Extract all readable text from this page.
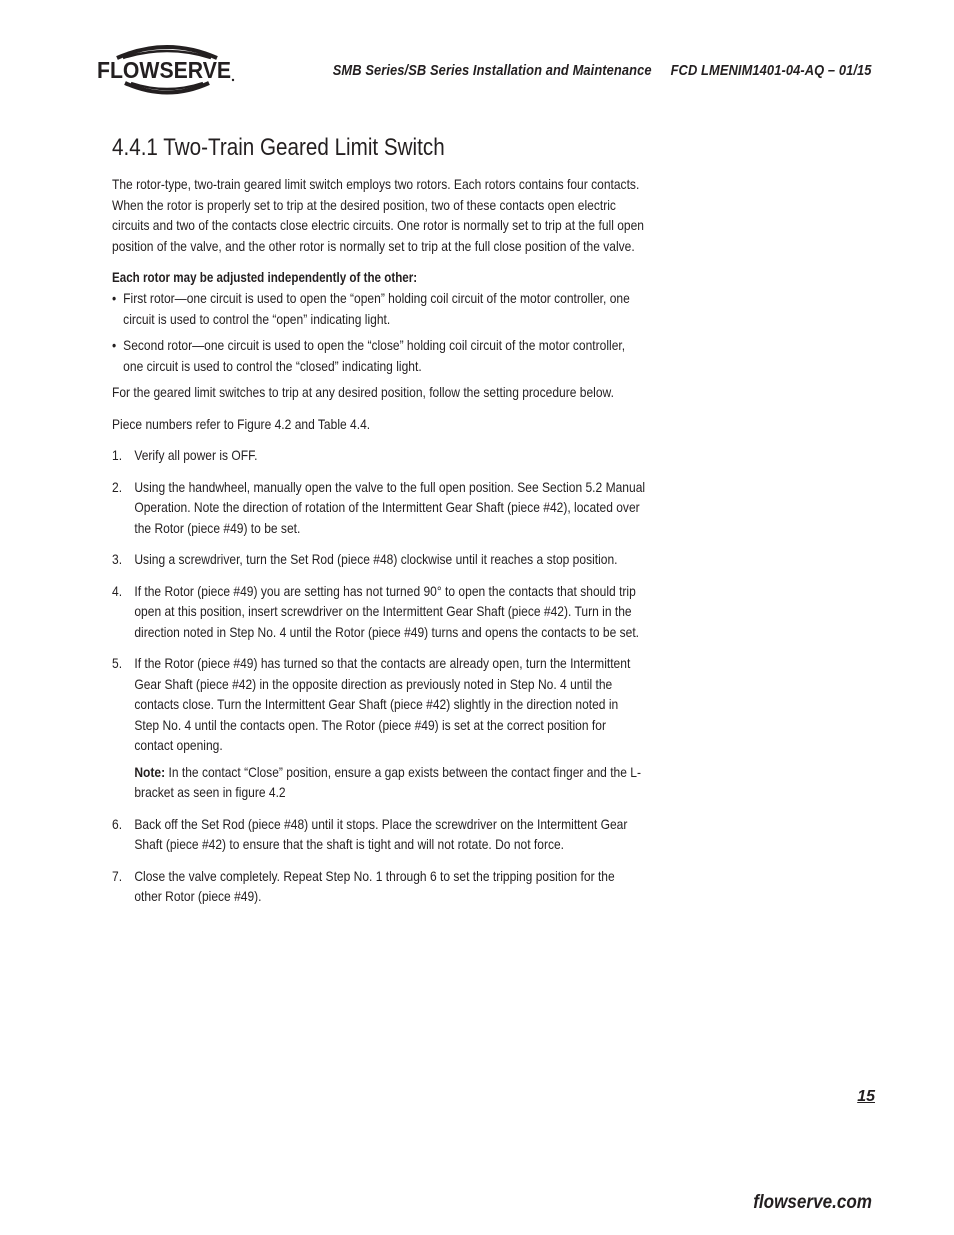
FLOWSERVE	SMB Series/SB Series Installation and Maintenance FCD LMENIM1401-04-AQ – 01/15
4.4.1 Two-Train Geared Limit Switch

The rotor-type, two-train geared limit switch employs two rotors. Each rotors contains four contacts. When the rotor is properly set to trip at the desired position, two of these contacts open electric circuits and two of the contacts close electric circuits. One rotor is normally set to trip at the full open position of the valve, and the other rotor is normally set to trip at the full close position of the valve.

Each rotor may be adjusted independently of the other:

• First rotor—one circuit is used to open the “open” holding coil circuit of the motor controller, one circuit is used to control the “open” indicating light.
• Second rotor—one circuit is used to open the “close” holding coil circuit of the motor controller, one circuit is used to control the “closed” indicating light.

For the geared limit switches to trip at any desired position, follow the setting procedure below.

Piece numbers refer to Figure 4.2 and Table 4.4.

1. Verify all power is OFF.
2. Using the handwheel, manually open the valve to the full open position. See Section 5.2 Manual Operation. Note the direction of rotation of the Intermittent Gear Shaft (piece #42), located over the Rotor (piece #49) to be set.
3. Using a screwdriver, turn the Set Rod (piece #48) clockwise until it reaches a stop position.
4. If the Rotor (piece #49) you are setting has not turned 90° to open the contacts that should trip open at this position, insert screwdriver on the Intermittent Gear Shaft (piece #42). Turn in the direction noted in Step No. 4 until the Rotor (piece #49) turns and opens the contacts to be set.
5. If the Rotor (piece #49) has turned so that the contacts are already open, turn the Intermittent Gear Shaft (piece #42) in the opposite direction as previously noted in Step No. 4 until the contacts close. Turn the Intermittent Gear Shaft (piece #42) slightly in the direction noted in Step No. 4 until the contacts open. The Rotor (piece #49) is set at the correct position for contact opening.
Note: In the contact “Close” position, ensure a gap exists between the contact finger and the L-bracket as seen in figure 4.2
6. Back off the Set Rod (piece #48) until it stops. Place the screwdriver on the Intermittent Gear Shaft (piece #42) to ensure that the shaft is tight and will not rotate. Do not force.
7. Close the valve completely. Repeat Step No. 1 through 6 to set the tripping position for the other Rotor (piece #49).
15
flowserve.com
